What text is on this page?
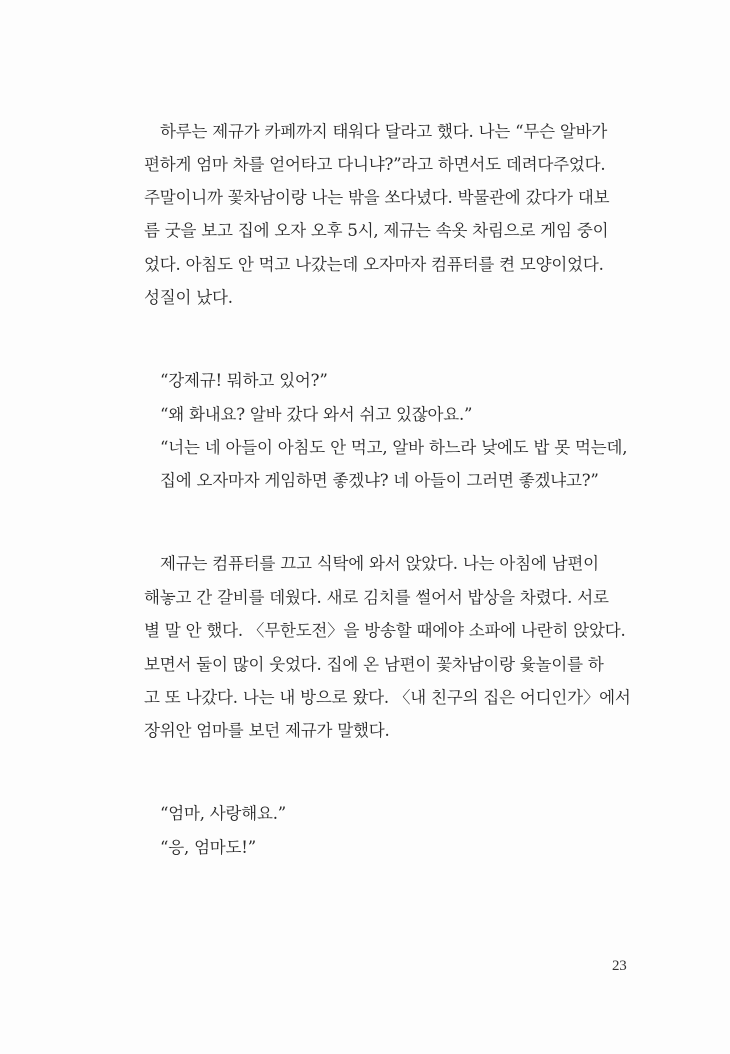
하루는 제규가 카페까지 태워다 달라고 했다. 나는 “무슨 알바가
편하게 엄마 차를 얻어타고 다니냐?”라고 하면서도 데려다주었다.
주말이니까 꽃차남이랑 나는 밖을 쏘다녔다. 박물관에 갔다가 대보
름 굿을 보고 집에 오자 오후 5시, 제규는 속옷 차림으로 게임 중이
었다. 아침도 안 먹고 나갔는데 오자마자 컴퓨터를 켠 모양이었다.
성질이 났다.
“강제규! 뭐하고 있어?”
“왜 화내요? 알바 갔다 와서 쉬고 있잖아요.”
“너는 네 아들이 아침도 안 먹고, 알바 하느라 낮에도 밥 못 먹는데,
집에 오자마자 게임하면 좋겠냐? 네 아들이 그러면 좋겠냐고?”
제규는 컴퓨터를 끄고 식탁에 와서 앉았다. 나는 아침에 남편이
해놓고 간 갈비를 데웠다. 새로 김치를 썰어서 밥상을 차렸다. 서로
별 말 안 했다. 〈무한도전〉을 방송할 때에야 소파에 나란히 앉았다.
보면서 둘이 많이 웃었다. 집에 온 남편이 꽃차남이랑 윷놀이를 하
고 또 나갔다. 나는 내 방으로 왔다. 〈내 친구의 집은 어디인가〉에서
장위안 엄마를 보던 제규가 말했다.
“엄마, 사랑해요.”
“응, 엄마도!”
23
